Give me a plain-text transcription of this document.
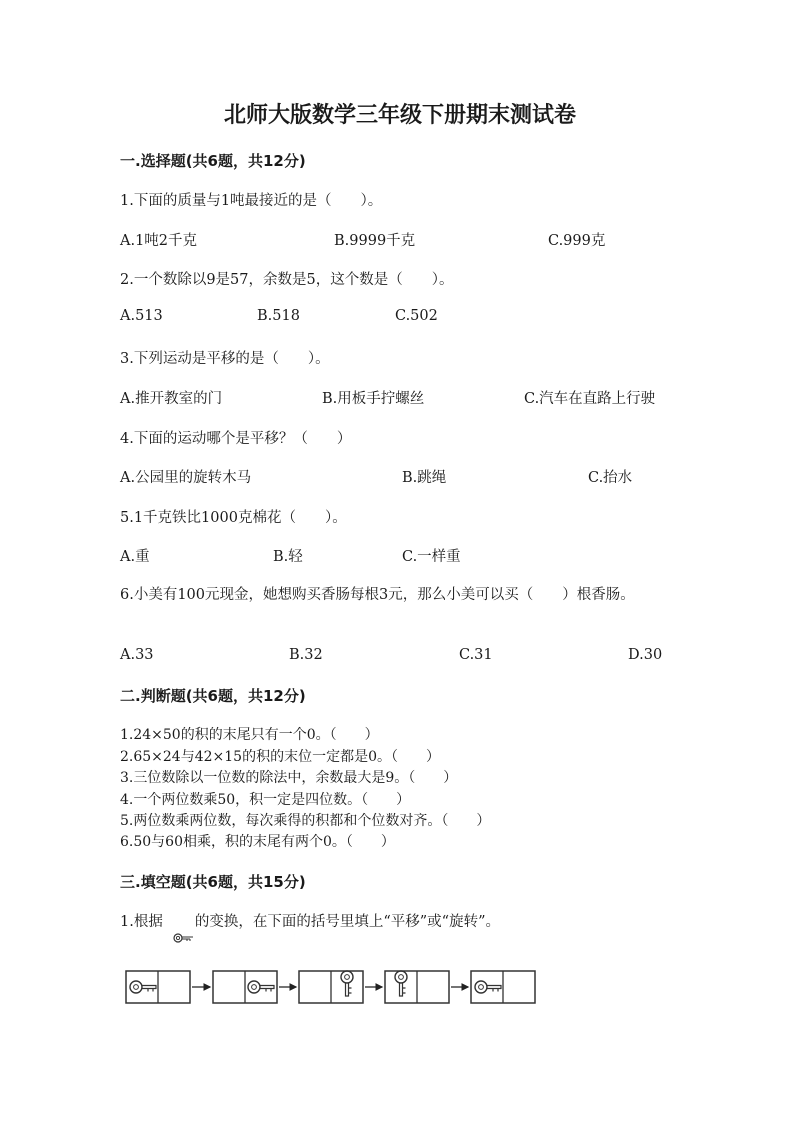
北师大版数学三年级下册期末测试卷
一.选择题(共6题，共12分)
1.下面的质量与1吨最接近的是（　　）。
A.1吨2千克	B.9999千克	C.999克
2.一个数除以9是57，余数是5，这个数是（　　）。
A.513	B.518	C.502
3.下列运动是平移的是（　　）。
A.推开教室的门	B.用板手拧螺丝	C.汽车在直路上行驶
4.下面的运动哪个是平移？（　　）
A.公园里的旋转木马	B.跳绳	C.抬水
5.1千克铁比1000克棉花（　　）。
A.重	B.轻	C.一样重
6.小美有100元现金，她想购买香肠每根3元，那么小美可以买（　　）根香肠。
A.33	B.32	C.31	D.30
二.判断题(共6题，共12分)
1.24×50的积的末尾只有一个0。（　　）
2.65×24与42×15的积的末位一定都是0。（　　）
3.三位数除以一位数的除法中，余数最大是9。（　　）
4.一个两位数乘50，积一定是四位数。（　　）
5.两位数乘两位数，每次乘得的积都和个位数对齐。（　　）
6.50与60相乘，积的末尾有两个0。（　　）
三.填空题(共6题，共15分)
1.根据 的变换，在下面的括号里填上“平移”或“旋转”。
